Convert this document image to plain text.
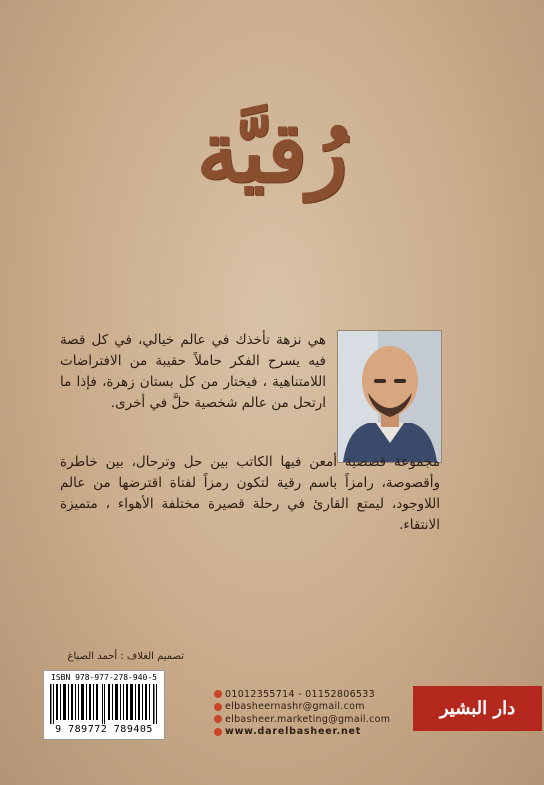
رُقيَّة
هي نزهة تأخذك في عالم خيالي، في كل قصة فيه يسرح الفكر حاملاً حقيبة من الافتراضات اللامتناهية ، فيختار من كل بستان زهرة، فإذا ما ارتحل من عالم شخصية حلَّ في أخرى.
مجموعة قصصية أمعن فيها الكاتب بين حل وترحال، بين خاطرة وأقصوصة، رامزاً باسم رقية لتكون رمزاً لفتاة اقترضها من عالم اللاوجود، ليمتع القارئ في رحلة قصيرة مختلفة الأهواء ، متميزة الانتقاء.
تصميم الغلاف : أحمد الصباغ
ISBN 978-977-278-940-5
9 789772 789405
01012355714 - 01152806533
elbasheernashr@gmail.com
elbasheer.marketing@gmail.com
www.darelbasheer.net
دار البشير
